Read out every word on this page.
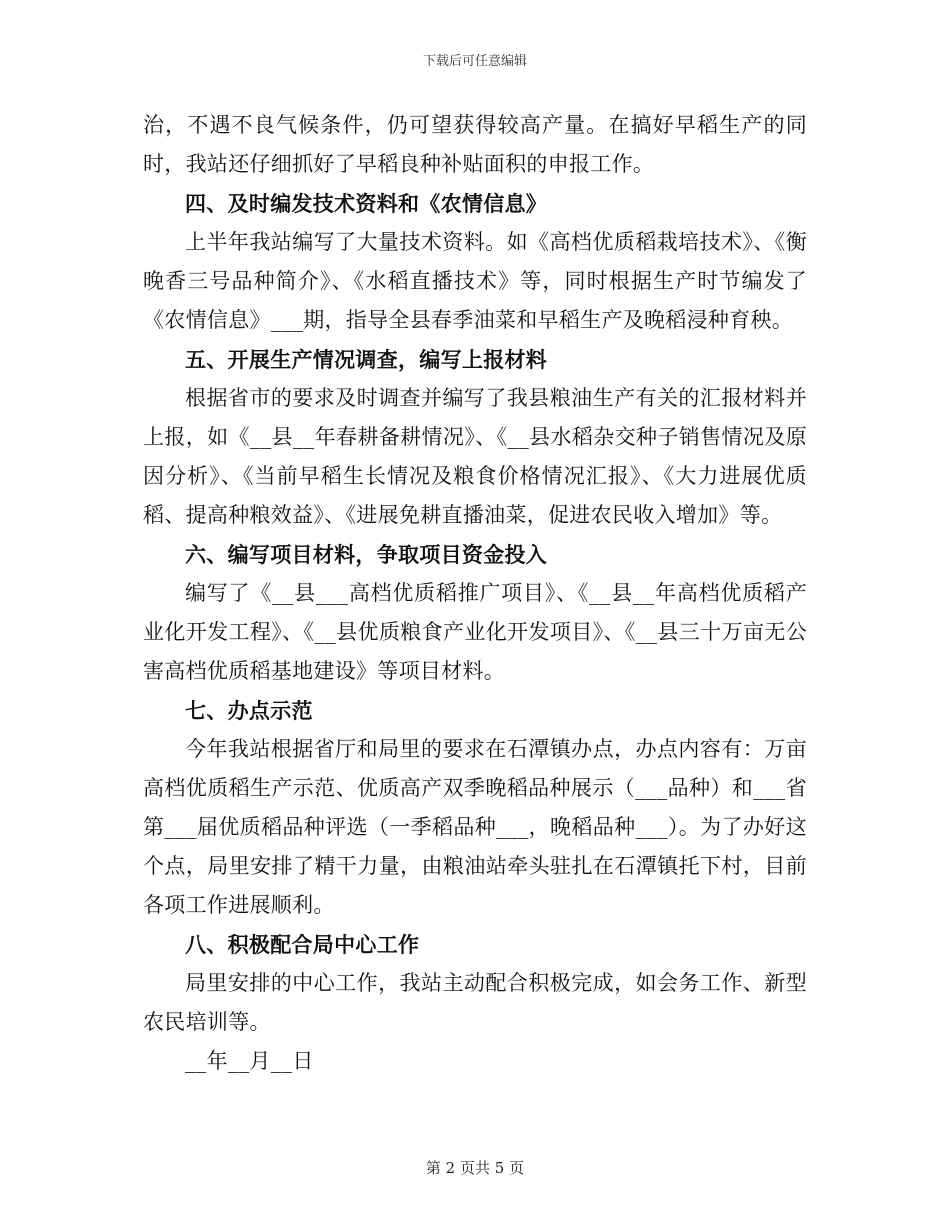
下载后可任意编辑

治，不遇不良气候条件，仍可望获得较高产量。在搞好早稻生产的同时，我站还仔细抓好了早稻良种补贴面积的申报工作。

四、及时编发技术资料和《农情信息》

上半年我站编写了大量技术资料。如《高档优质稻栽培技术》、《衡晚香三号品种简介》、《水稻直播技术》等，同时根据生产时节编发了《农情信息》___期，指导全县春季油菜和早稻生产及晚稻浸种育秧。

五、开展生产情况调查，编写上报材料

根据省市的要求及时调查并编写了我县粮油生产有关的汇报材料并上报，如《__县__年春耕备耕情况》、《__县水稻杂交种子销售情况及原因分析》、《当前早稻生长情况及粮食价格情况汇报》、《大力进展优质稻、提高种粮效益》、《进展免耕直播油菜，促进农民收入增加》等。

六、编写项目材料，争取项目资金投入

编写了《__县___高档优质稻推广项目》、《__县__年高档优质稻产业化开发工程》、《__县优质粮食产业化开发项目》、《__县三十万亩无公害高档优质稻基地建设》等项目材料。

七、办点示范

今年我站根据省厅和局里的要求在石潭镇办点，办点内容有：万亩高档优质稻生产示范、优质高产双季晚稻品种展示（___品种）和___省第___届优质稻品种评选（一季稻品种___，晚稻品种___）。为了办好这个点，局里安排了精干力量，由粮油站牵头驻扎在石潭镇托下村，目前各项工作进展顺利。

八、积极配合局中心工作

局里安排的中心工作，我站主动配合积极完成，如会务工作、新型农民培训等。

__年__月__日

第 2 页共 5 页
